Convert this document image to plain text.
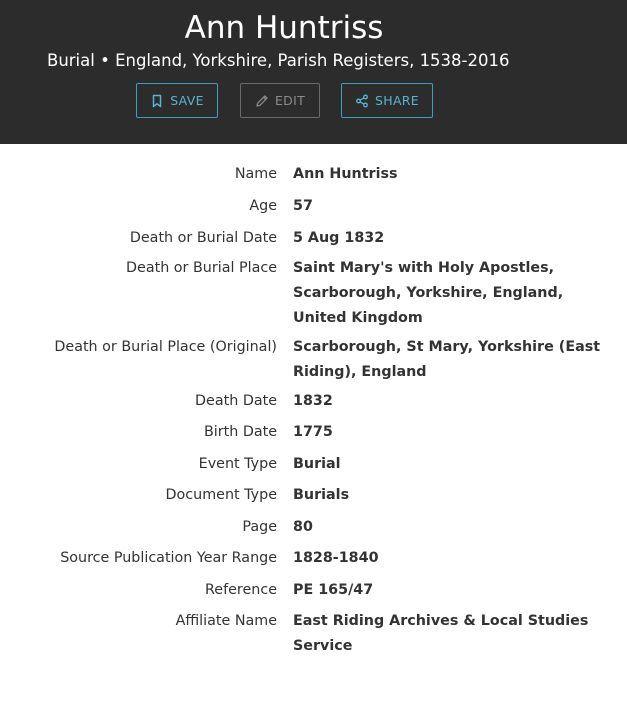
Ann Huntriss
Burial • England, Yorkshire, Parish Registers, 1538-2016
SAVE	EDIT	SHARE
Name Ann Huntriss
Age 57
Death or Burial Date 5 Aug 1832
Death or Burial Place Saint Mary's with Holy Apostles, Scarborough, Yorkshire, England, United Kingdom
Death or Burial Place (Original) Scarborough, St Mary, Yorkshire (East Riding), England
Death Date 1832
Birth Date 1775
Event Type Burial
Document Type Burials
Page 80
Source Publication Year Range 1828-1840
Reference PE 165/47
Affiliate Name East Riding Archives & Local Studies Service
